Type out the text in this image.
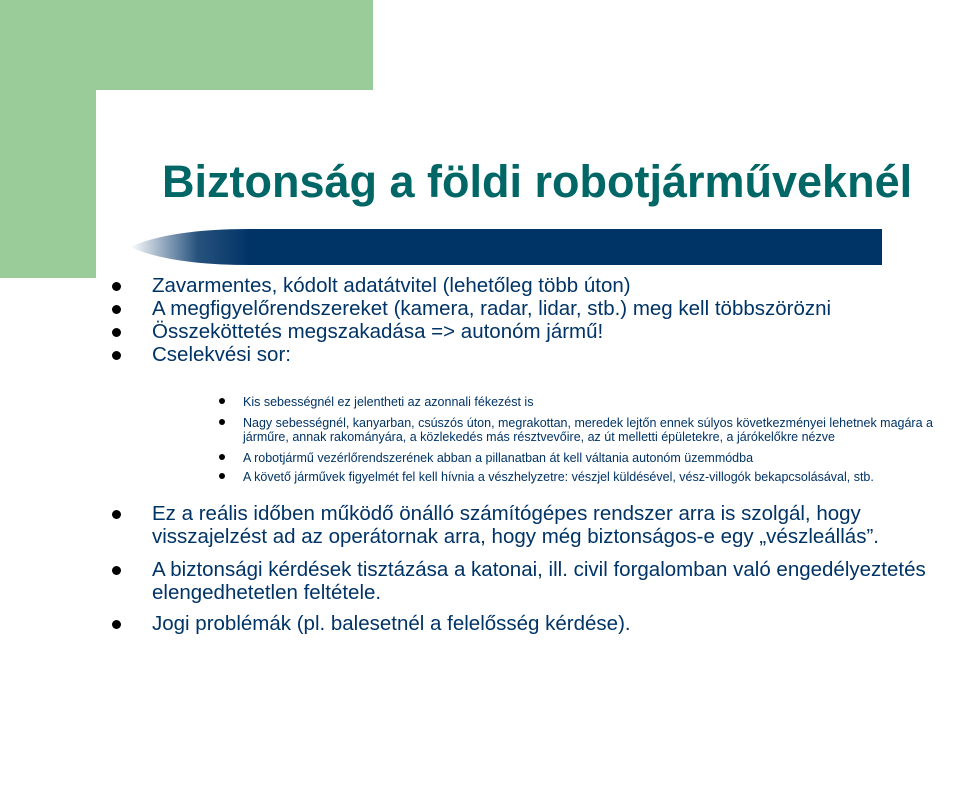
Biztonság a földi robotjárműveknél
Zavarmentes, kódolt adatátvitel (lehetőleg több úton)
A megfigyelőrendszereket (kamera, radar, lidar, stb.) meg kell többszörözni
Összeköttetés megszakadása => autonóm jármű!
Cselekvési sor:
Kis sebességnél ez jelentheti az azonnali fékezést is
Nagy sebességnél, kanyarban, csúszós úton, megrakottan, meredek lejtőn ennek súlyos következményei lehetnek magára a járműre, annak rakományára, a közlekedés más résztvevőire, az út melletti épületekre, a járókelőkre nézve
A robotjármű vezérlőrendszerének abban a pillanatban át kell váltania autonóm üzemmódba
A követő járművek figyelmét fel kell hívnia a vészhelyzetre: vészjel küldésével, vész-villogók bekapcsolásával, stb.
Ez a reális időben működő önálló számítógépes rendszer arra is szolgál, hogy visszajelzést ad az operátornak arra, hogy még biztonságos-e egy „vészleállás”.
A biztonsági kérdések tisztázása a katonai, ill. civil forgalomban való engedélyeztetés elengedhetetlen feltétele.
Jogi problémák (pl. balesetnél a felelősség kérdése).
